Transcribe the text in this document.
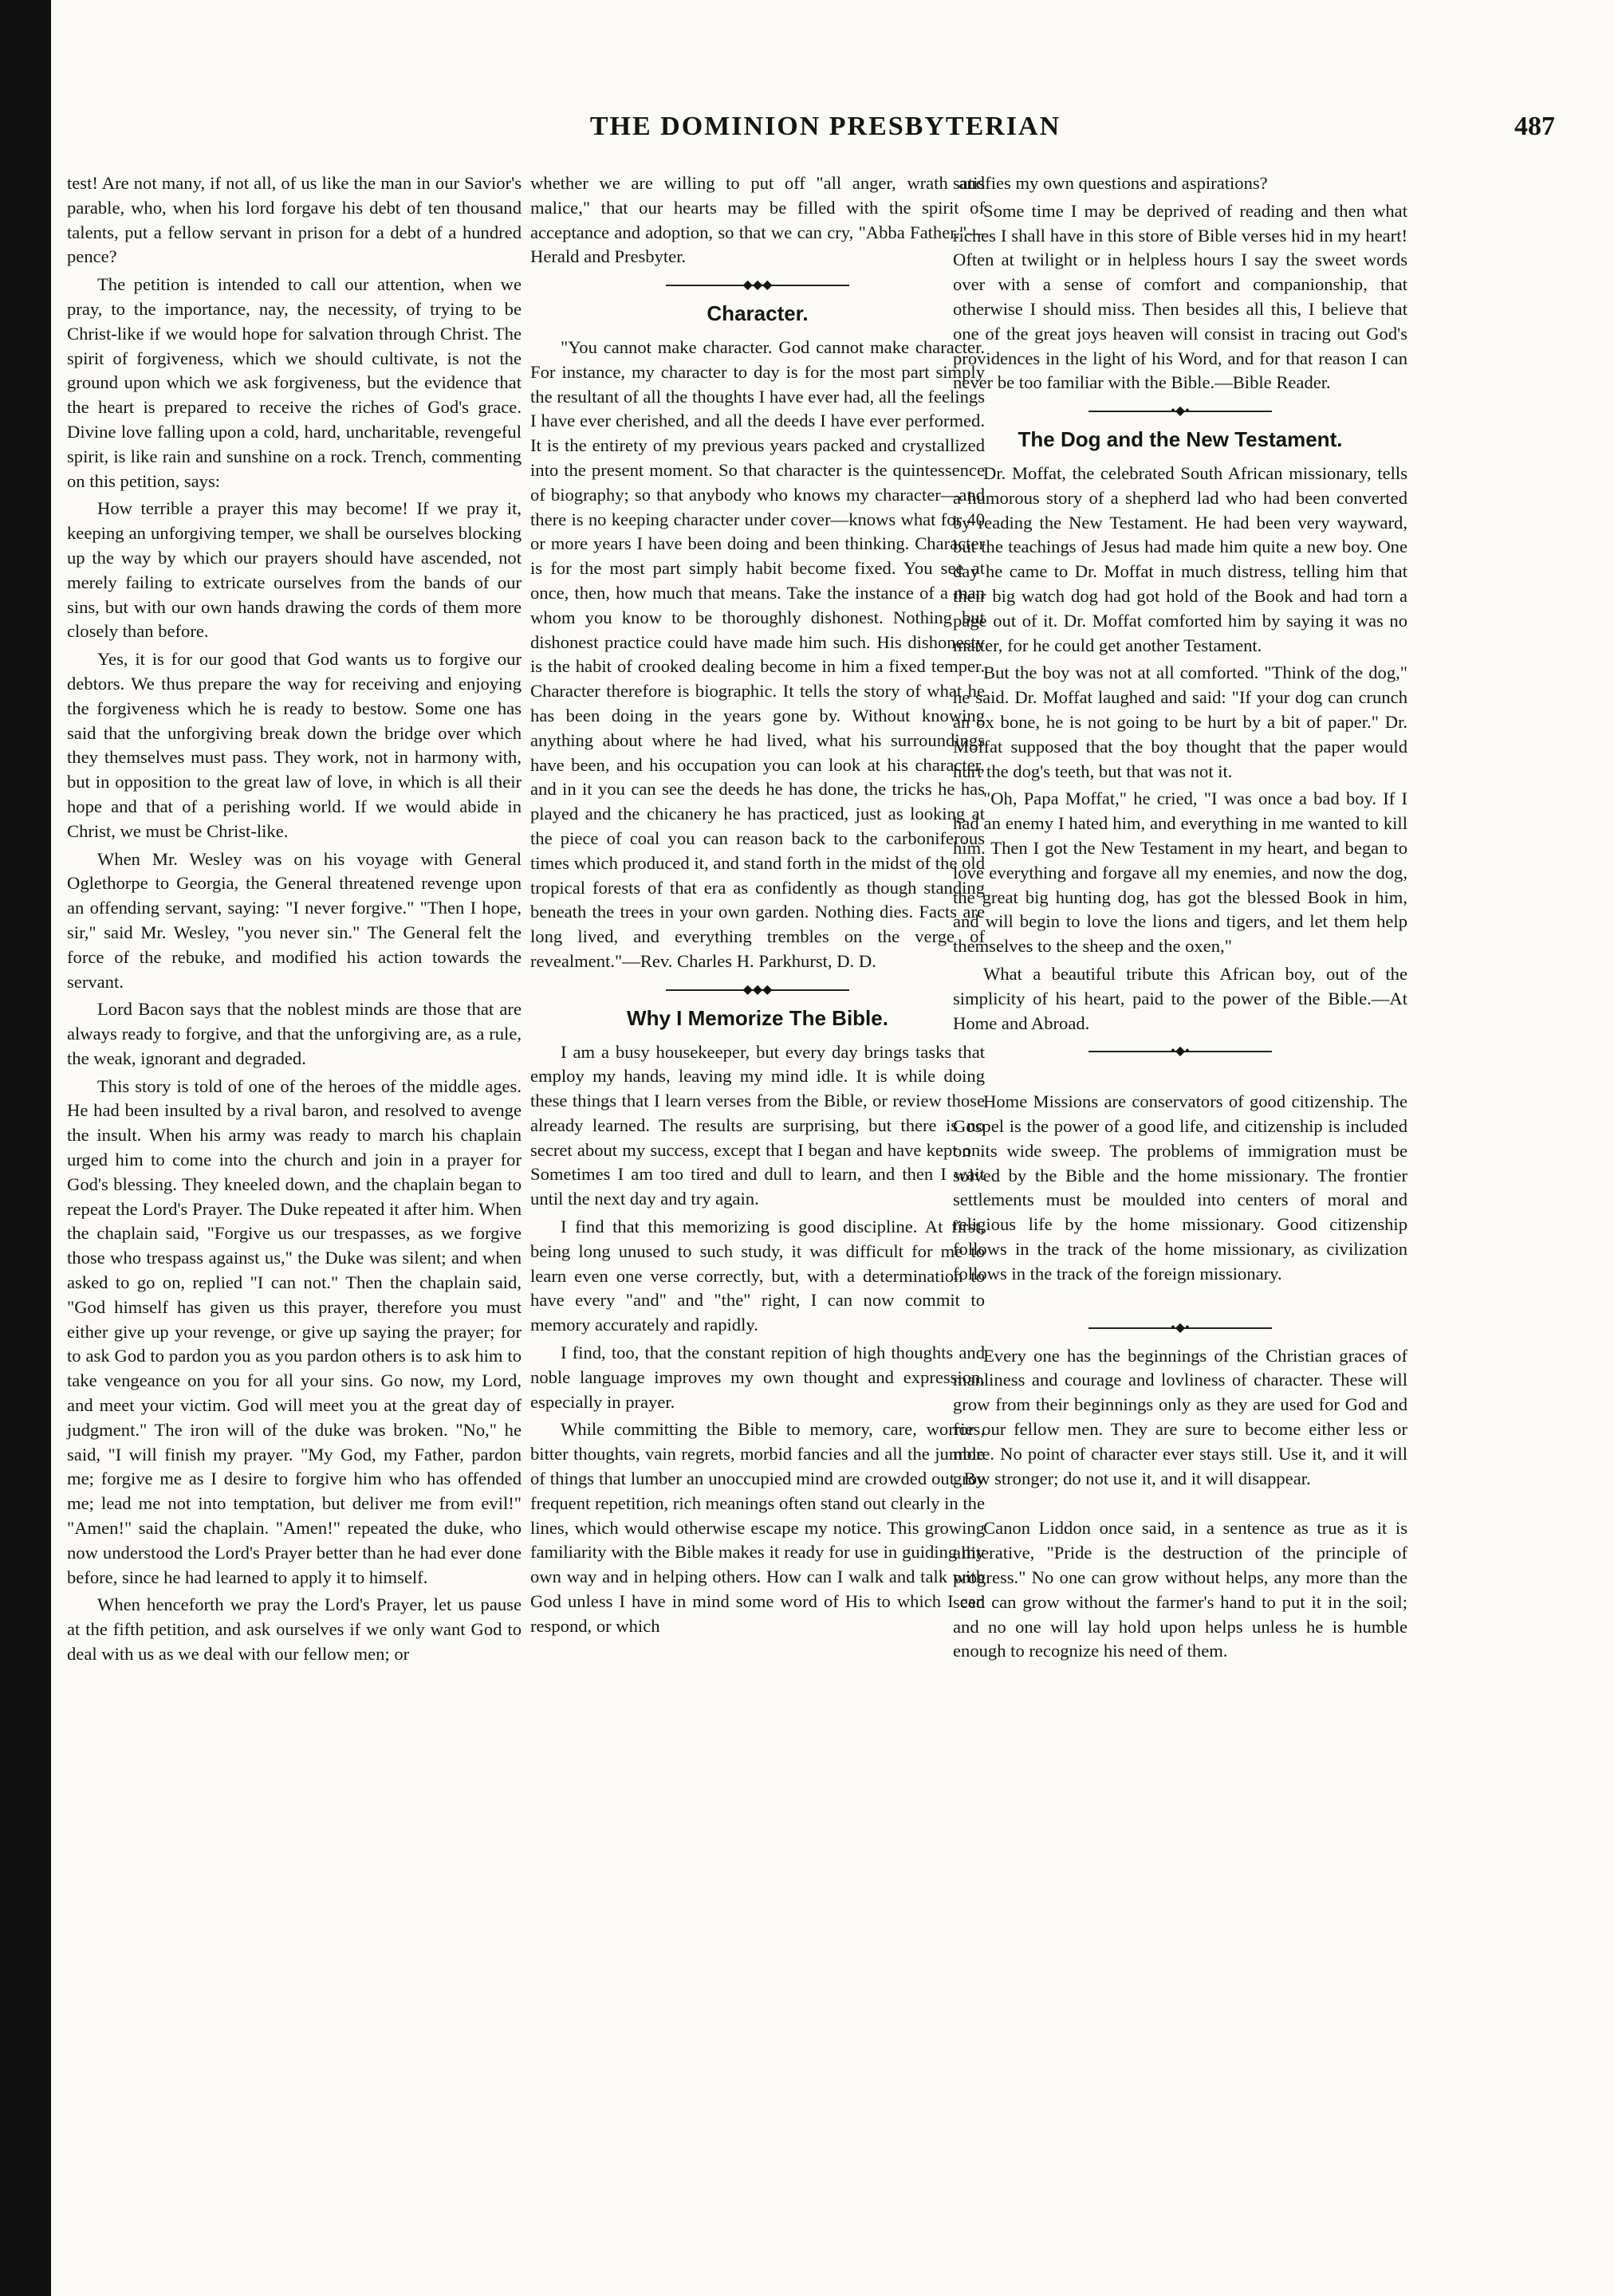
THE DOMINION PRESBYTERIAN	487

test! Are not many, if not all, of us like the man in our Savior's parable, who, when his lord forgave his debt of ten thousand talents, put a fellow servant in prison for a debt of a hundred pence?

The petition is intended to call our attention, when we pray, to the importance, nay, the necessity, of trying to be Christ-like if we would hope for salvation through Christ. The spirit of forgiveness, which we should cultivate, is not the ground upon which we ask forgiveness, but the evidence that the heart is prepared to receive the riches of God's grace. Divine love falling upon a cold, hard, uncharitable, revengeful spirit, is like rain and sunshine on a rock. Trench, commenting on this petition, says:

How terrible a prayer this may become! If we pray it, keeping an unforgiving temper, we shall be ourselves blocking up the way by which our prayers should have ascended, not merely failing to extricate ourselves from the bands of our sins, but with our own hands drawing the cords of them more closely than before.

Yes, it is for our good that God wants us to forgive our debtors. We thus prepare the way for receiving and enjoying the forgiveness which he is ready to bestow. Some one has said that the unforgiving break down the bridge over which they themselves must pass. They work, not in harmony with, but in opposition to the great law of love, in which is all their hope and that of a perishing world. If we would abide in Christ, we must be Christ-like.

When Mr. Wesley was on his voyage with General Oglethorpe to Georgia, the General threatened revenge upon an offending servant, saying: "I never forgive." "Then I hope, sir," said Mr. Wesley, "you never sin." The General felt the force of the rebuke, and modified his action towards the servant.

Lord Bacon says that the noblest minds are those that are always ready to forgive, and that the unforgiving are, as a rule, the weak, ignorant and degraded.

This story is told of one of the heroes of the middle ages. He had been insulted by a rival baron, and resolved to avenge the insult. When his army was ready to march his chaplain urged him to come into the church and join in a prayer for God's blessing. They kneeled down, and the chaplain began to repeat the Lord's Prayer. The Duke repeated it after him. When the chaplain said, "Forgive us our trespasses, as we forgive those who trespass against us," the Duke was silent; and when asked to go on, replied "I can not." Then the chaplain said, "God himself has given us this prayer, therefore you must either give up your revenge, or give up saying the prayer; for to ask God to pardon you as you pardon others is to ask him to take vengeance on you for all your sins. Go now, my Lord, and meet your victim. God will meet you at the great day of judgment." The iron will of the duke was broken. "No," he said, "I will finish my prayer. "My God, my Father, pardon me; forgive me as I desire to forgive him who has offended me; lead me not into temptation, but deliver me from evil!" "Amen!" said the chaplain. "Amen!" repeated the duke, who now understood the Lord's Prayer better than he had ever done before, since he had learned to apply it to himself.

When henceforth we pray the Lord's Prayer, let us pause at the fifth petition, and ask ourselves if we only want God to deal with us as we deal with our fellow men; or

whether we are willing to put off "all anger, wrath and malice," that our hearts may be filled with the spirit of acceptance and adoption, so that we can cry, "Abba Father."—Herald and Presbyter.

◆◆◆
Character.

"You cannot make character. God cannot make character. For instance, my character to day is for the most part simply the resultant of all the thoughts I have ever had, all the feelings I have ever cherished, and all the deeds I have ever performed. It is the entirety of my previous years packed and crystallized into the present moment. So that character is the quintessence of biography; so that anybody who knows my character—and there is no keeping character under cover—knows what for 40 or more years I have been doing and been thinking. Character is for the most part simply habit become fixed. You see at once, then, how much that means. Take the instance of a man whom you know to be thoroughly dishonest. Nothing but dishonest practice could have made him such. His dishonesty is the habit of crooked dealing become in him a fixed temper. Character therefore is biographic. It tells the story of what he has been doing in the years gone by. Without knowing anything about where he had lived, what his surroundings have been, and his occupation you can look at his character, and in it you can see the deeds he has done, the tricks he has played and the chicanery he has practiced, just as looking at the piece of coal you can reason back to the carboniferous times which produced it, and stand forth in the midst of the old tropical forests of that era as confidently as though standing beneath the trees in your own garden. Nothing dies. Facts are long lived, and everything trembles on the verge of revealment."—Rev. Charles H. Parkhurst, D. D.

◆◆◆
Why I Memorize The Bible.

I am a busy housekeeper, but every day brings tasks that employ my hands, leaving my mind idle. It is while doing these things that I learn verses from the Bible, or review those already learned. The results are surprising, but there is no secret about my success, except that I began and have kept on. Sometimes I am too tired and dull to learn, and then I wait until the next day and try again.

I find that this memorizing is good discipline. At first, being long unused to such study, it was difficult for me to learn even one verse correctly, but, with a determination to have every "and" and "the" right, I can now commit to memory accurately and rapidly.

I find, too, that the constant repition of high thoughts and noble language improves my own thought and expression, especially in prayer.

While committing the Bible to memory, care, worries, bitter thoughts, vain regrets, morbid fancies and all the jumble of things that lumber an unoccupied mind are crowded out. By frequent repetition, rich meanings often stand out clearly in the lines, which would otherwise escape my notice. This growing familiarity with the Bible makes it ready for use in guiding my own way and in helping others. How can I walk and talk with God unless I have in mind some word of His to which I can respond, or which

satisfies my own questions and aspirations?

Some time I may be deprived of reading and then what riches I shall have in this store of Bible verses hid in my heart! Often at twilight or in helpless hours I say the sweet words over with a sense of comfort and companionship, that otherwise I should miss. Then besides all this, I believe that one of the great joys heaven will consist in tracing out God's providences in the light of his Word, and for that reason I can never be too familiar with the Bible.—Bible Reader.

•◆•
The Dog and the New Testament.

Dr. Moffat, the celebrated South African missionary, tells a humorous story of a shepherd lad who had been converted by reading the New Testament. He had been very wayward, but the teachings of Jesus had made him quite a new boy. One day he came to Dr. Moffat in much distress, telling him that their big watch dog had got hold of the Book and had torn a page out of it. Dr. Moffat comforted him by saying it was no matter, for he could get another Testament.

But the boy was not at all comforted. "Think of the dog," he said. Dr. Moffat laughed and said: "If your dog can crunch an ox bone, he is not going to be hurt by a bit of paper." Dr. Moffat supposed that the boy thought that the paper would hurt the dog's teeth, but that was not it.

"Oh, Papa Moffat," he cried, "I was once a bad boy. If I had an enemy I hated him, and everything in me wanted to kill him. Then I got the New Testament in my heart, and began to love everything and forgave all my enemies, and now the dog, the great big hunting dog, has got the blessed Book in him, and will begin to love the lions and tigers, and let them help themselves to the sheep and the oxen,"

What a beautiful tribute this African boy, out of the simplicity of his heart, paid to the power of the Bible.—At Home and Abroad.

•◆•

Home Missions are conservators of good citizenship. The Gospel is the power of a good life, and citizenship is included on its wide sweep. The problems of immigration must be solved by the Bible and the home missionary. The frontier settlements must be moulded into centers of moral and religious life by the home missionary. Good citizenship follows in the track of the home missionary, as civilization follows in the track of the foreign missionary.

•◆•

Every one has the beginnings of the Christian graces of manliness and courage and lovliness of character. These will grow from their beginnings only as they are used for God and for our fellow men. They are sure to become either less or more. No point of character ever stays still. Use it, and it will grow stronger; do not use it, and it will disappear.

Canon Liddon once said, in a sentence as true as it is alliterative, "Pride is the destruction of the principle of progress." No one can grow without helps, any more than the seed can grow without the farmer's hand to put it in the soil; and no one will lay hold upon helps unless he is humble enough to recognize his need of them.
